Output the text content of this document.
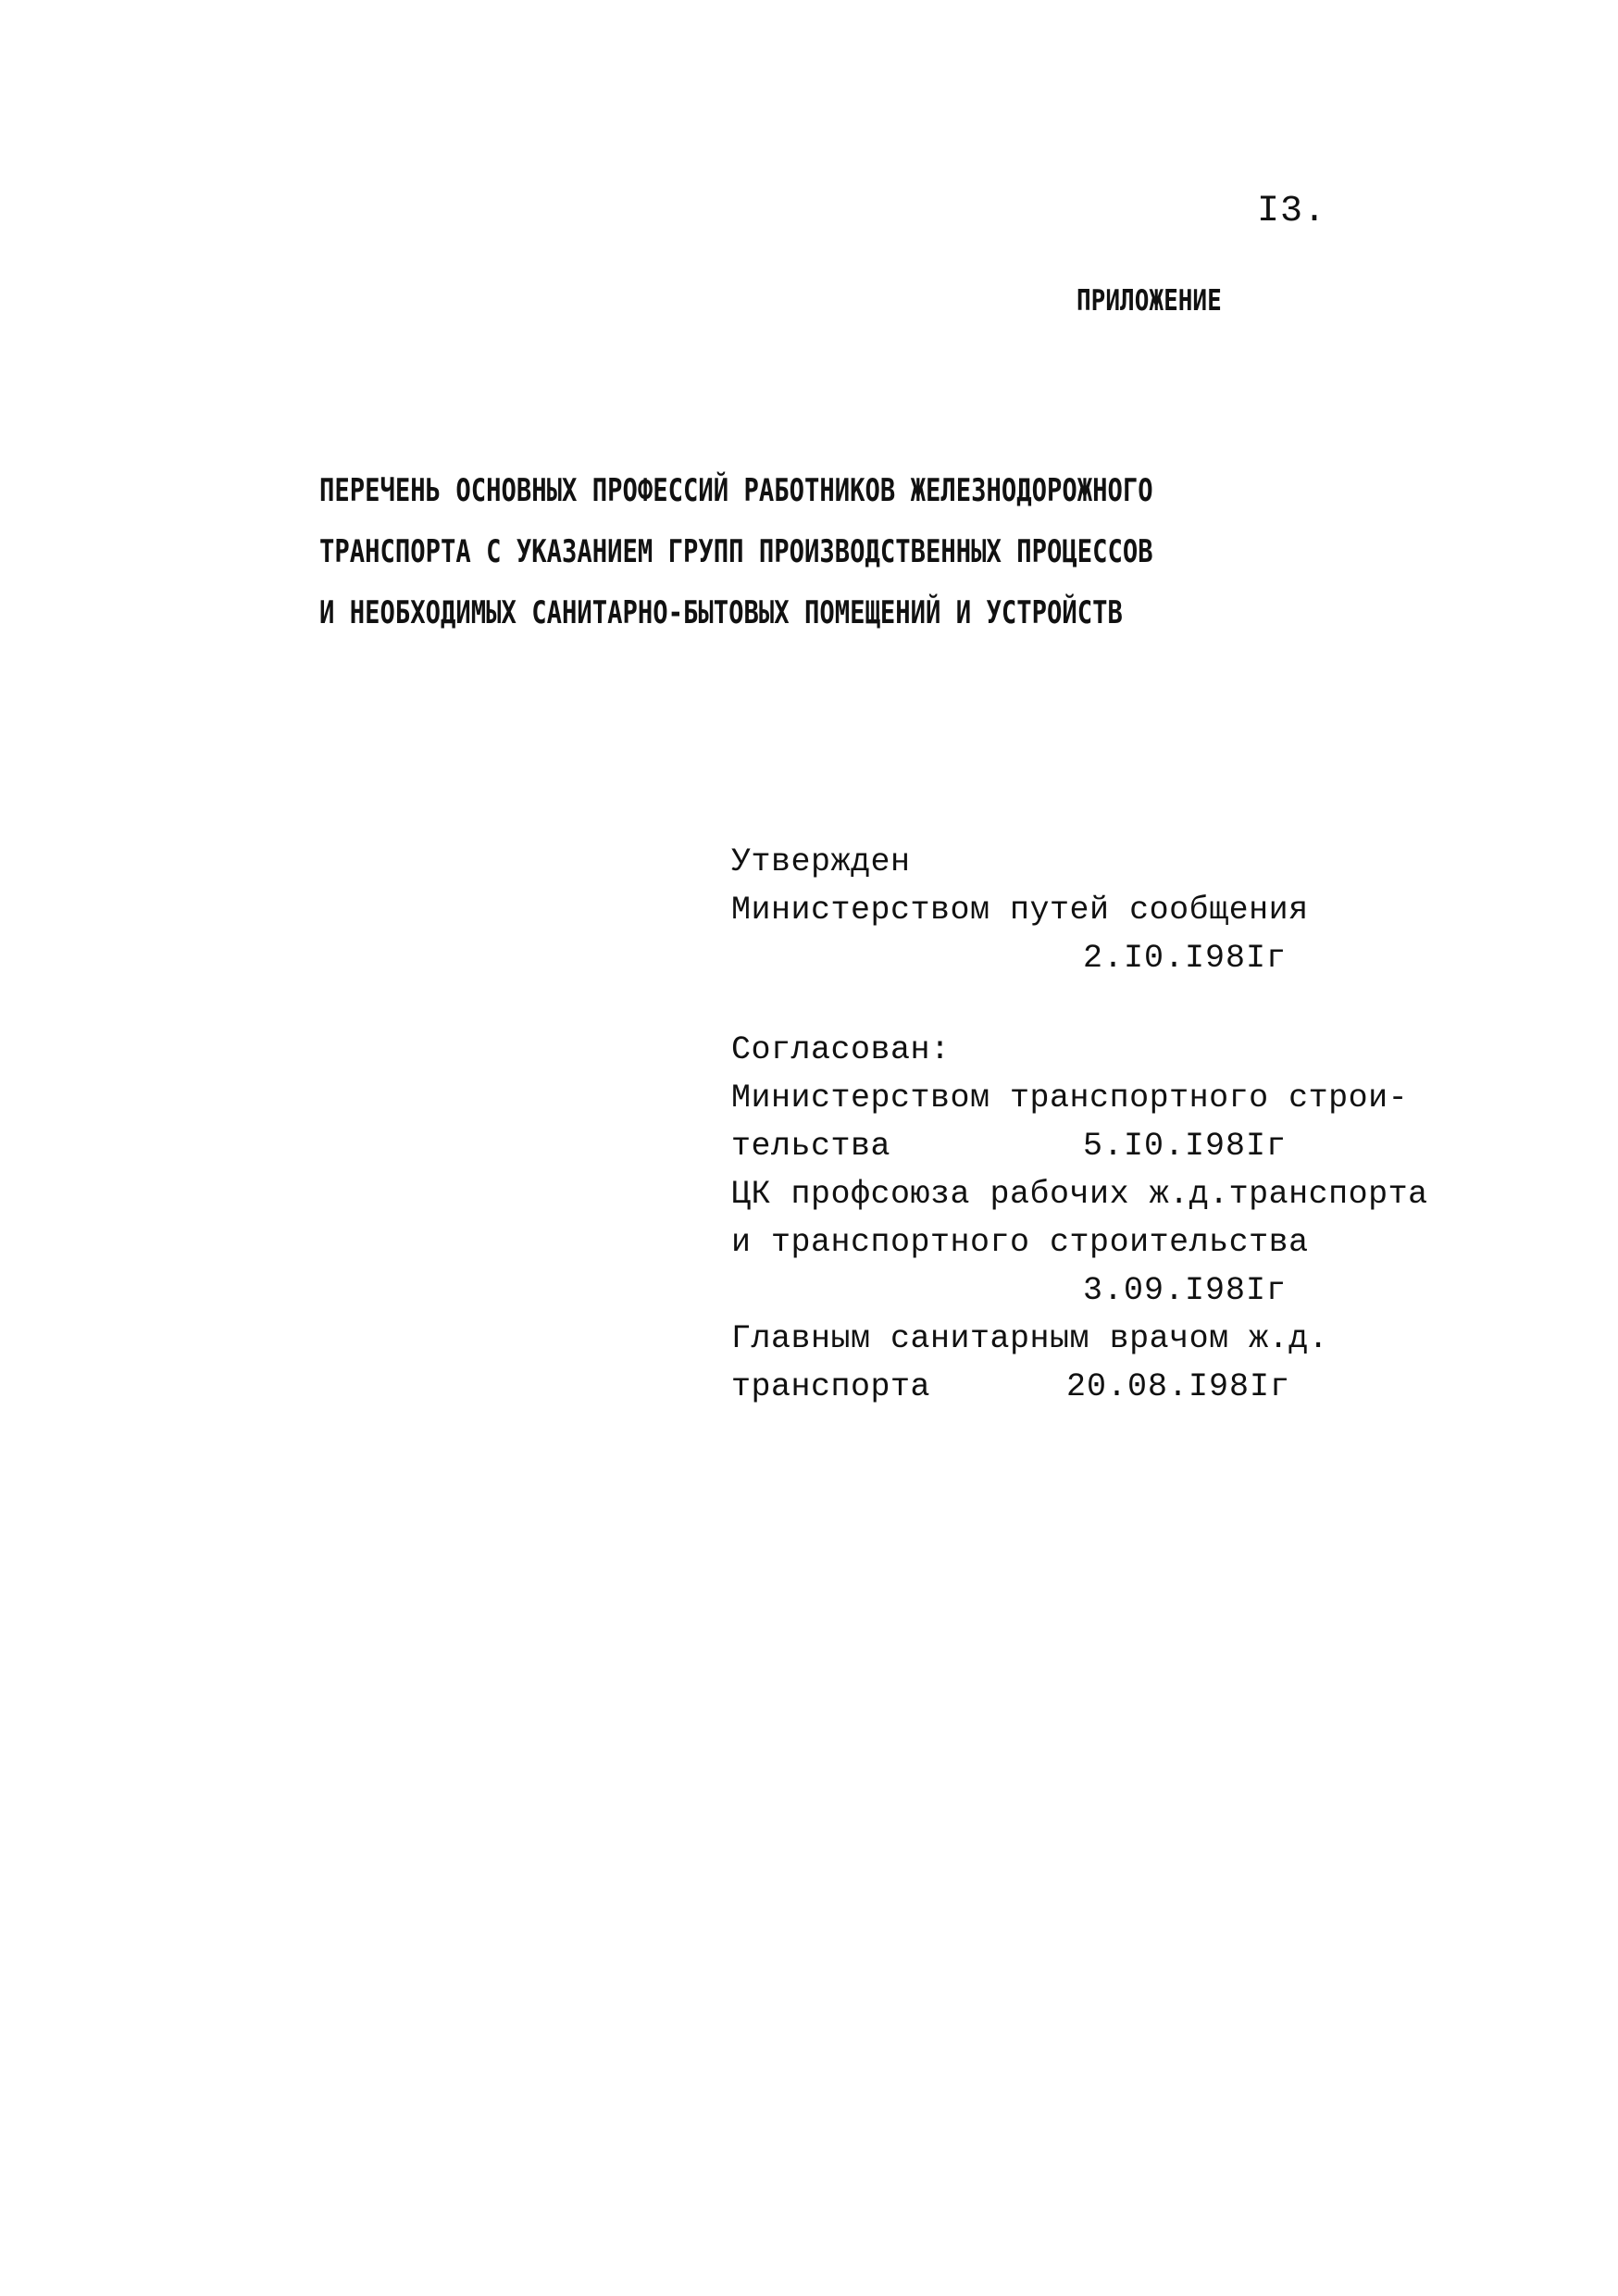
I3.
ПРИЛОЖЕНИЕ
ПЕРЕЧЕНЬ ОСНОВНЫХ ПРОФЕССИЙ РАБОТНИКОВ ЖЕЛЕЗНОДОРОЖНОГО
ТРАНСПОРТА С УКАЗАНИЕМ ГРУПП ПРОИЗВОДСТВЕННЫХ ПРОЦЕССОВ
И НЕОБХОДИМЫХ САНИТАРНО-БЫТОВЫХ ПОМЕЩЕНИЙ И УСТРОЙСТВ
Утвержден
Министерством путей сообщения
2.I0.I98Iг
Согласован:
Министерством транспортного строи-
тельства	5.I0.I98Iг
ЦК профсоюза рабочих ж.д.транспорта
и транспортного строительства
3.09.I98Iг
Главным санитарным врачом ж.д.
транспорта	20.08.I98Iг
